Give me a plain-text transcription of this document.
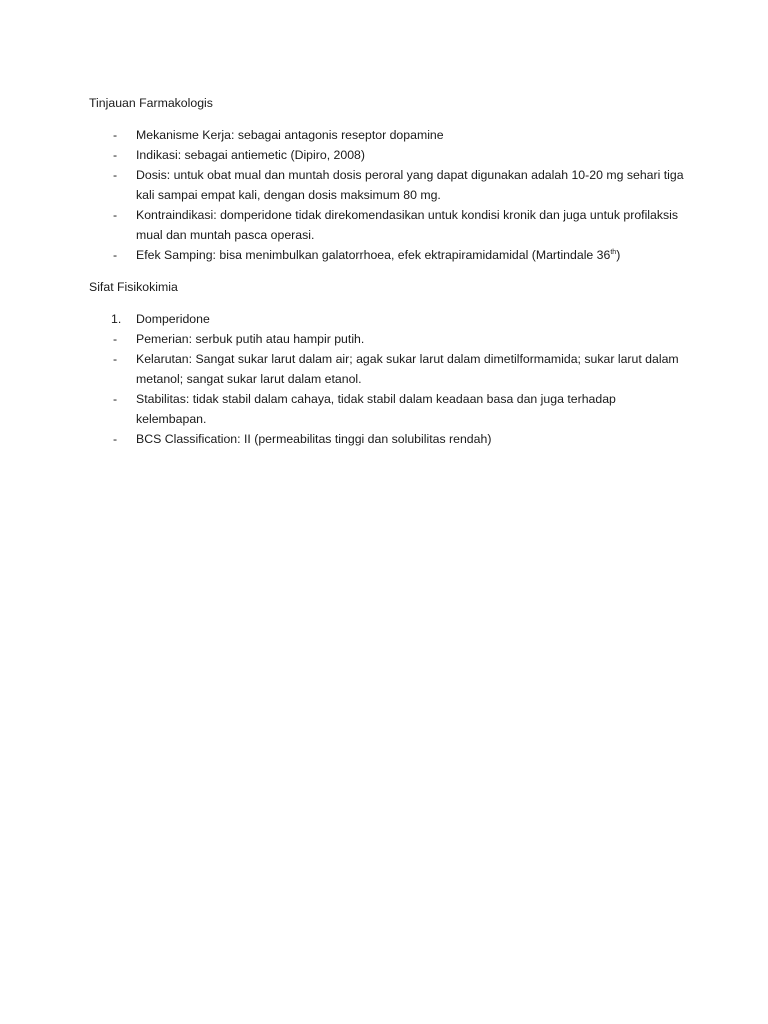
Tinjauan Farmakologis
-	Mekanisme Kerja: sebagai antagonis reseptor dopamine
-	Indikasi: sebagai antiemetic (Dipiro, 2008)
-	Dosis: untuk obat mual dan muntah dosis peroral yang dapat digunakan adalah 10-20 mg sehari tiga kali sampai empat kali, dengan dosis maksimum 80 mg.
-	Kontraindikasi: domperidone tidak direkomendasikan untuk kondisi kronik dan juga untuk profilaksis mual dan muntah pasca operasi.
-	Efek Samping: bisa menimbulkan galatorrhoea, efek ektrapiramidamidal (Martindale 36th)
Sifat Fisikokimia
1.	Domperidone
-	Pemerian: serbuk putih atau hampir putih.
-	Kelarutan: Sangat sukar larut dalam air; agak sukar larut dalam dimetilformamida; sukar larut dalam metanol; sangat sukar larut dalam etanol.
-	Stabilitas: tidak stabil dalam cahaya, tidak stabil dalam keadaan basa dan juga terhadap kelembapan.
-	BCS Classification: II (permeabilitas tinggi dan solubilitas rendah)
